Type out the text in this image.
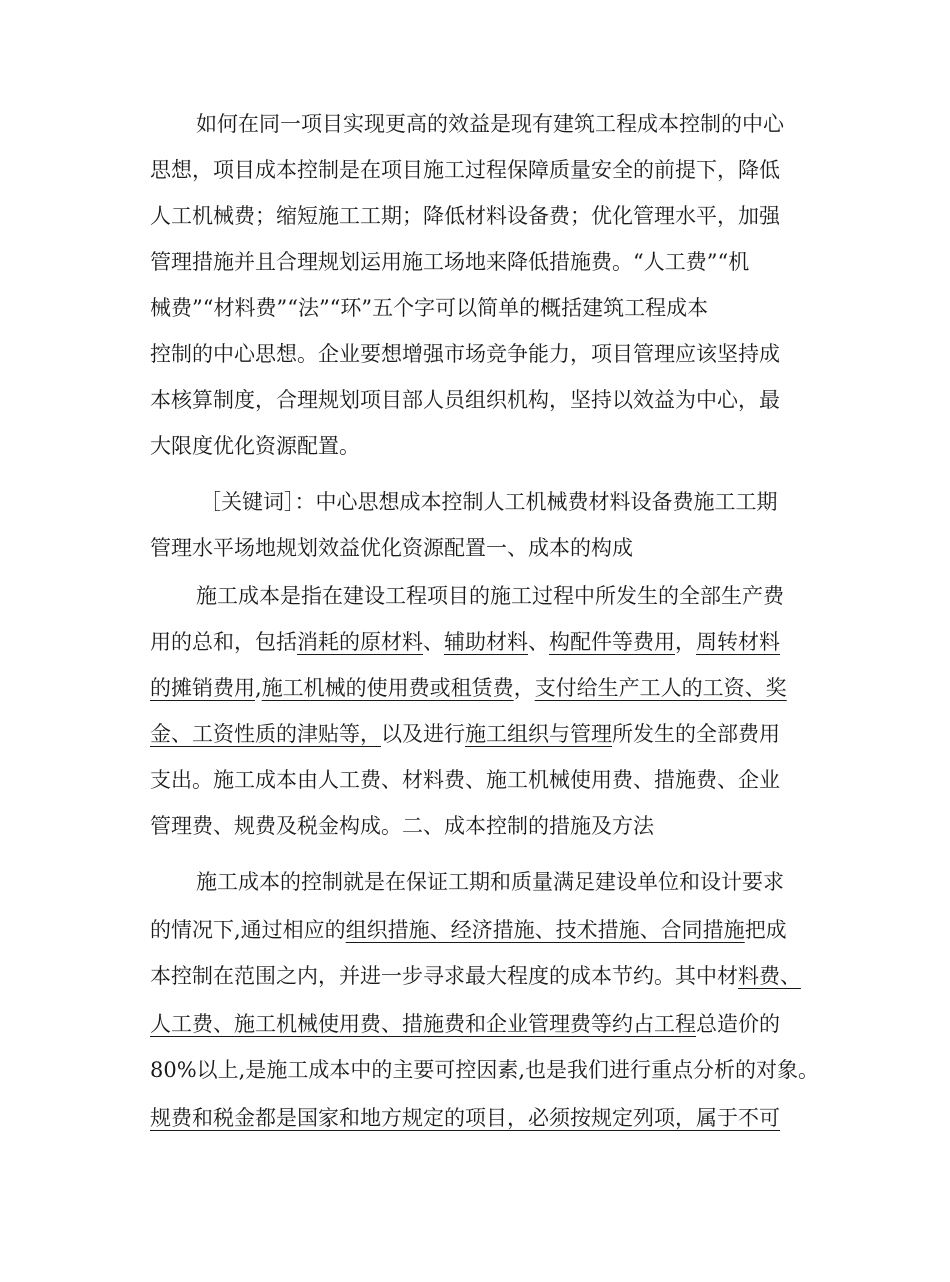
如何在同一项目实现更高的效益是现有建筑工程成本控制的中心
思想，项目成本控制是在项目施工过程保障质量安全的前提下，降低
人工机械费；缩短施工工期；降低材料设备费；优化管理水平，加强
管理措施并且合理规划运用施工场地来降低措施费。“人工费”“机
械费”“材料费”“法”“环”五个字可以简单的概括建筑工程成本
控制的中心思想。企业要想增强市场竞争能力，项目管理应该坚持成
本核算制度，合理规划项目部人员组织机构，坚持以效益为中心，最
大限度优化资源配置。
［关键词］：中心思想成本控制人工机械费材料设备费施工工期
管理水平场地规划效益优化资源配置一、成本的构成
施工成本是指在建设工程项目的施工过程中所发生的全部生产费
用的总和，包括消耗的原材料、辅助材料、构配件等费用，周转材料
的摊销费用,施工机械的使用费或租赁费，支付给生产工人的工资、奖
金、工资性质的津贴等，以及进行施工组织与管理所发生的全部费用
支出。施工成本由人工费、材料费、施工机械使用费、措施费、企业
管理费、规费及税金构成。二、成本控制的措施及方法
施工成本的控制就是在保证工期和质量满足建设单位和设计要求
的情况下,通过相应的组织措施、经济措施、技术措施、合同措施把成
本控制在范围之内，并进一步寻求最大程度的成本节约。其中材料费、
人工费、施工机械使用费、措施费和企业管理费等约占工程总造价的
80%以上,是施工成本中的主要可控因素,也是我们进行重点分析的对象。
规费和税金都是国家和地方规定的项目，必须按规定列项，属于不可
